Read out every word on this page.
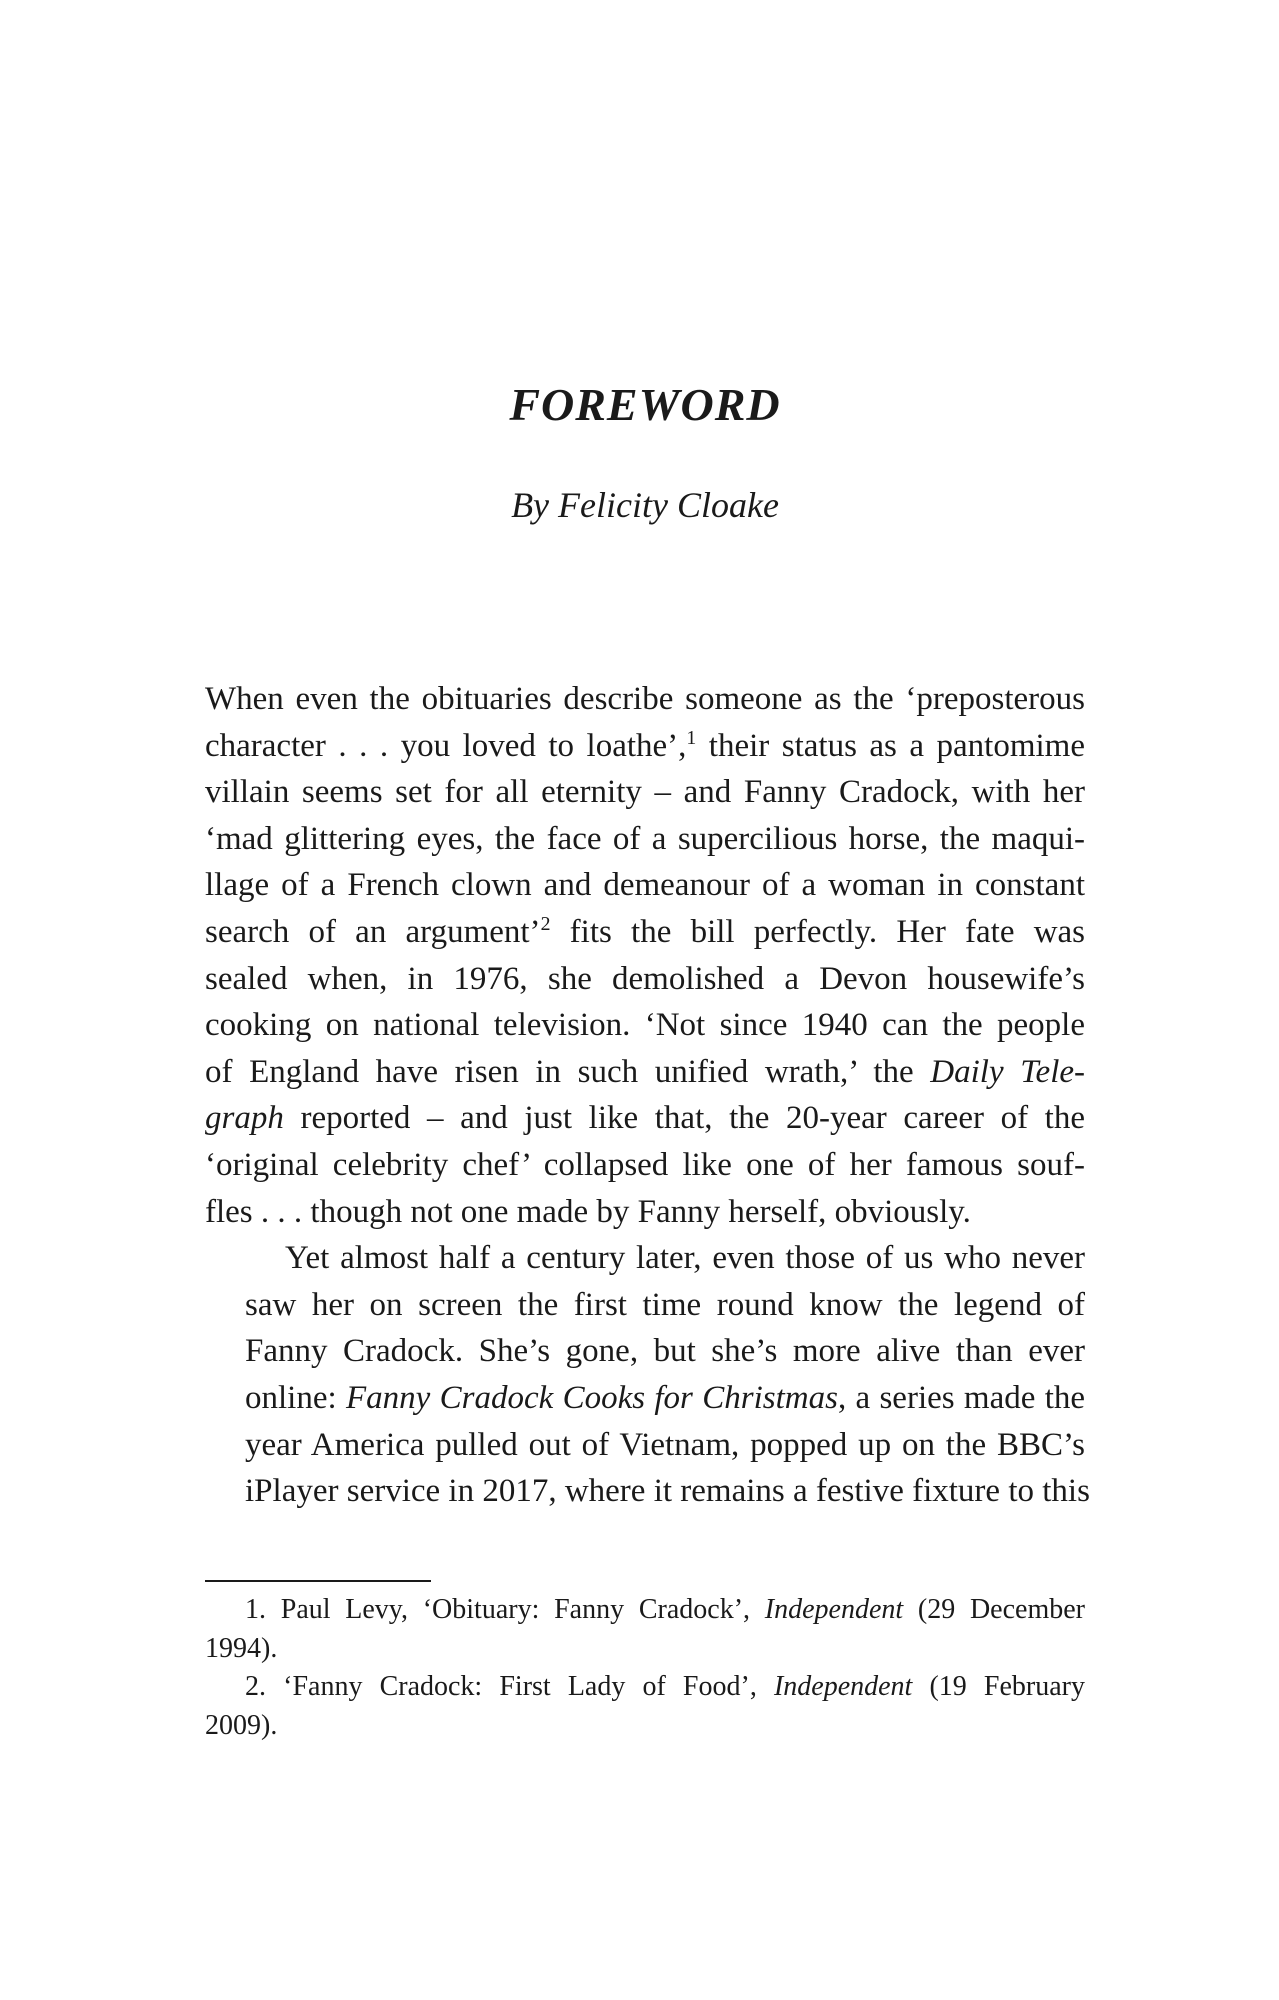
FOREWORD

By Felicity Cloake

When even the obituaries describe someone as the ‘preposterous
character . . . you loved to loathe’,$^1$ their status as a pantomime
villain seems set for all eternity – and Fanny Cradock, with her
‘mad glittering eyes, the face of a supercilious horse, the maqui-
llage of a French clown and demeanour of a woman in constant
search of an argument’$^2$ fits the bill perfectly. Her fate was
sealed when, in 1976, she demolished a Devon housewife’s
cooking on national television. ‘Not since 1940 can the people
of England have risen in such unified wrath,’ the Daily Tele-
graph reported – and just like that, the 20-year career of the
‘original celebrity chef’ collapsed like one of her famous souf-
fles . . . though not one made by Fanny herself, obviously.

Yet almost half a century later, even those of us who never
saw her on screen the first time round know the legend of
Fanny Cradock. She’s gone, but she’s more alive than ever
online: Fanny Cradock Cooks for Christmas, a series made the
year America pulled out of Vietnam, popped up on the BBC’s
iPlayer service in 2017, where it remains a festive fixture to this

1. Paul Levy, ‘Obituary: Fanny Cradock’, Independent (29 December
1994).
2. ‘Fanny Cradock: First Lady of Food’, Independent (19 February
2009).
